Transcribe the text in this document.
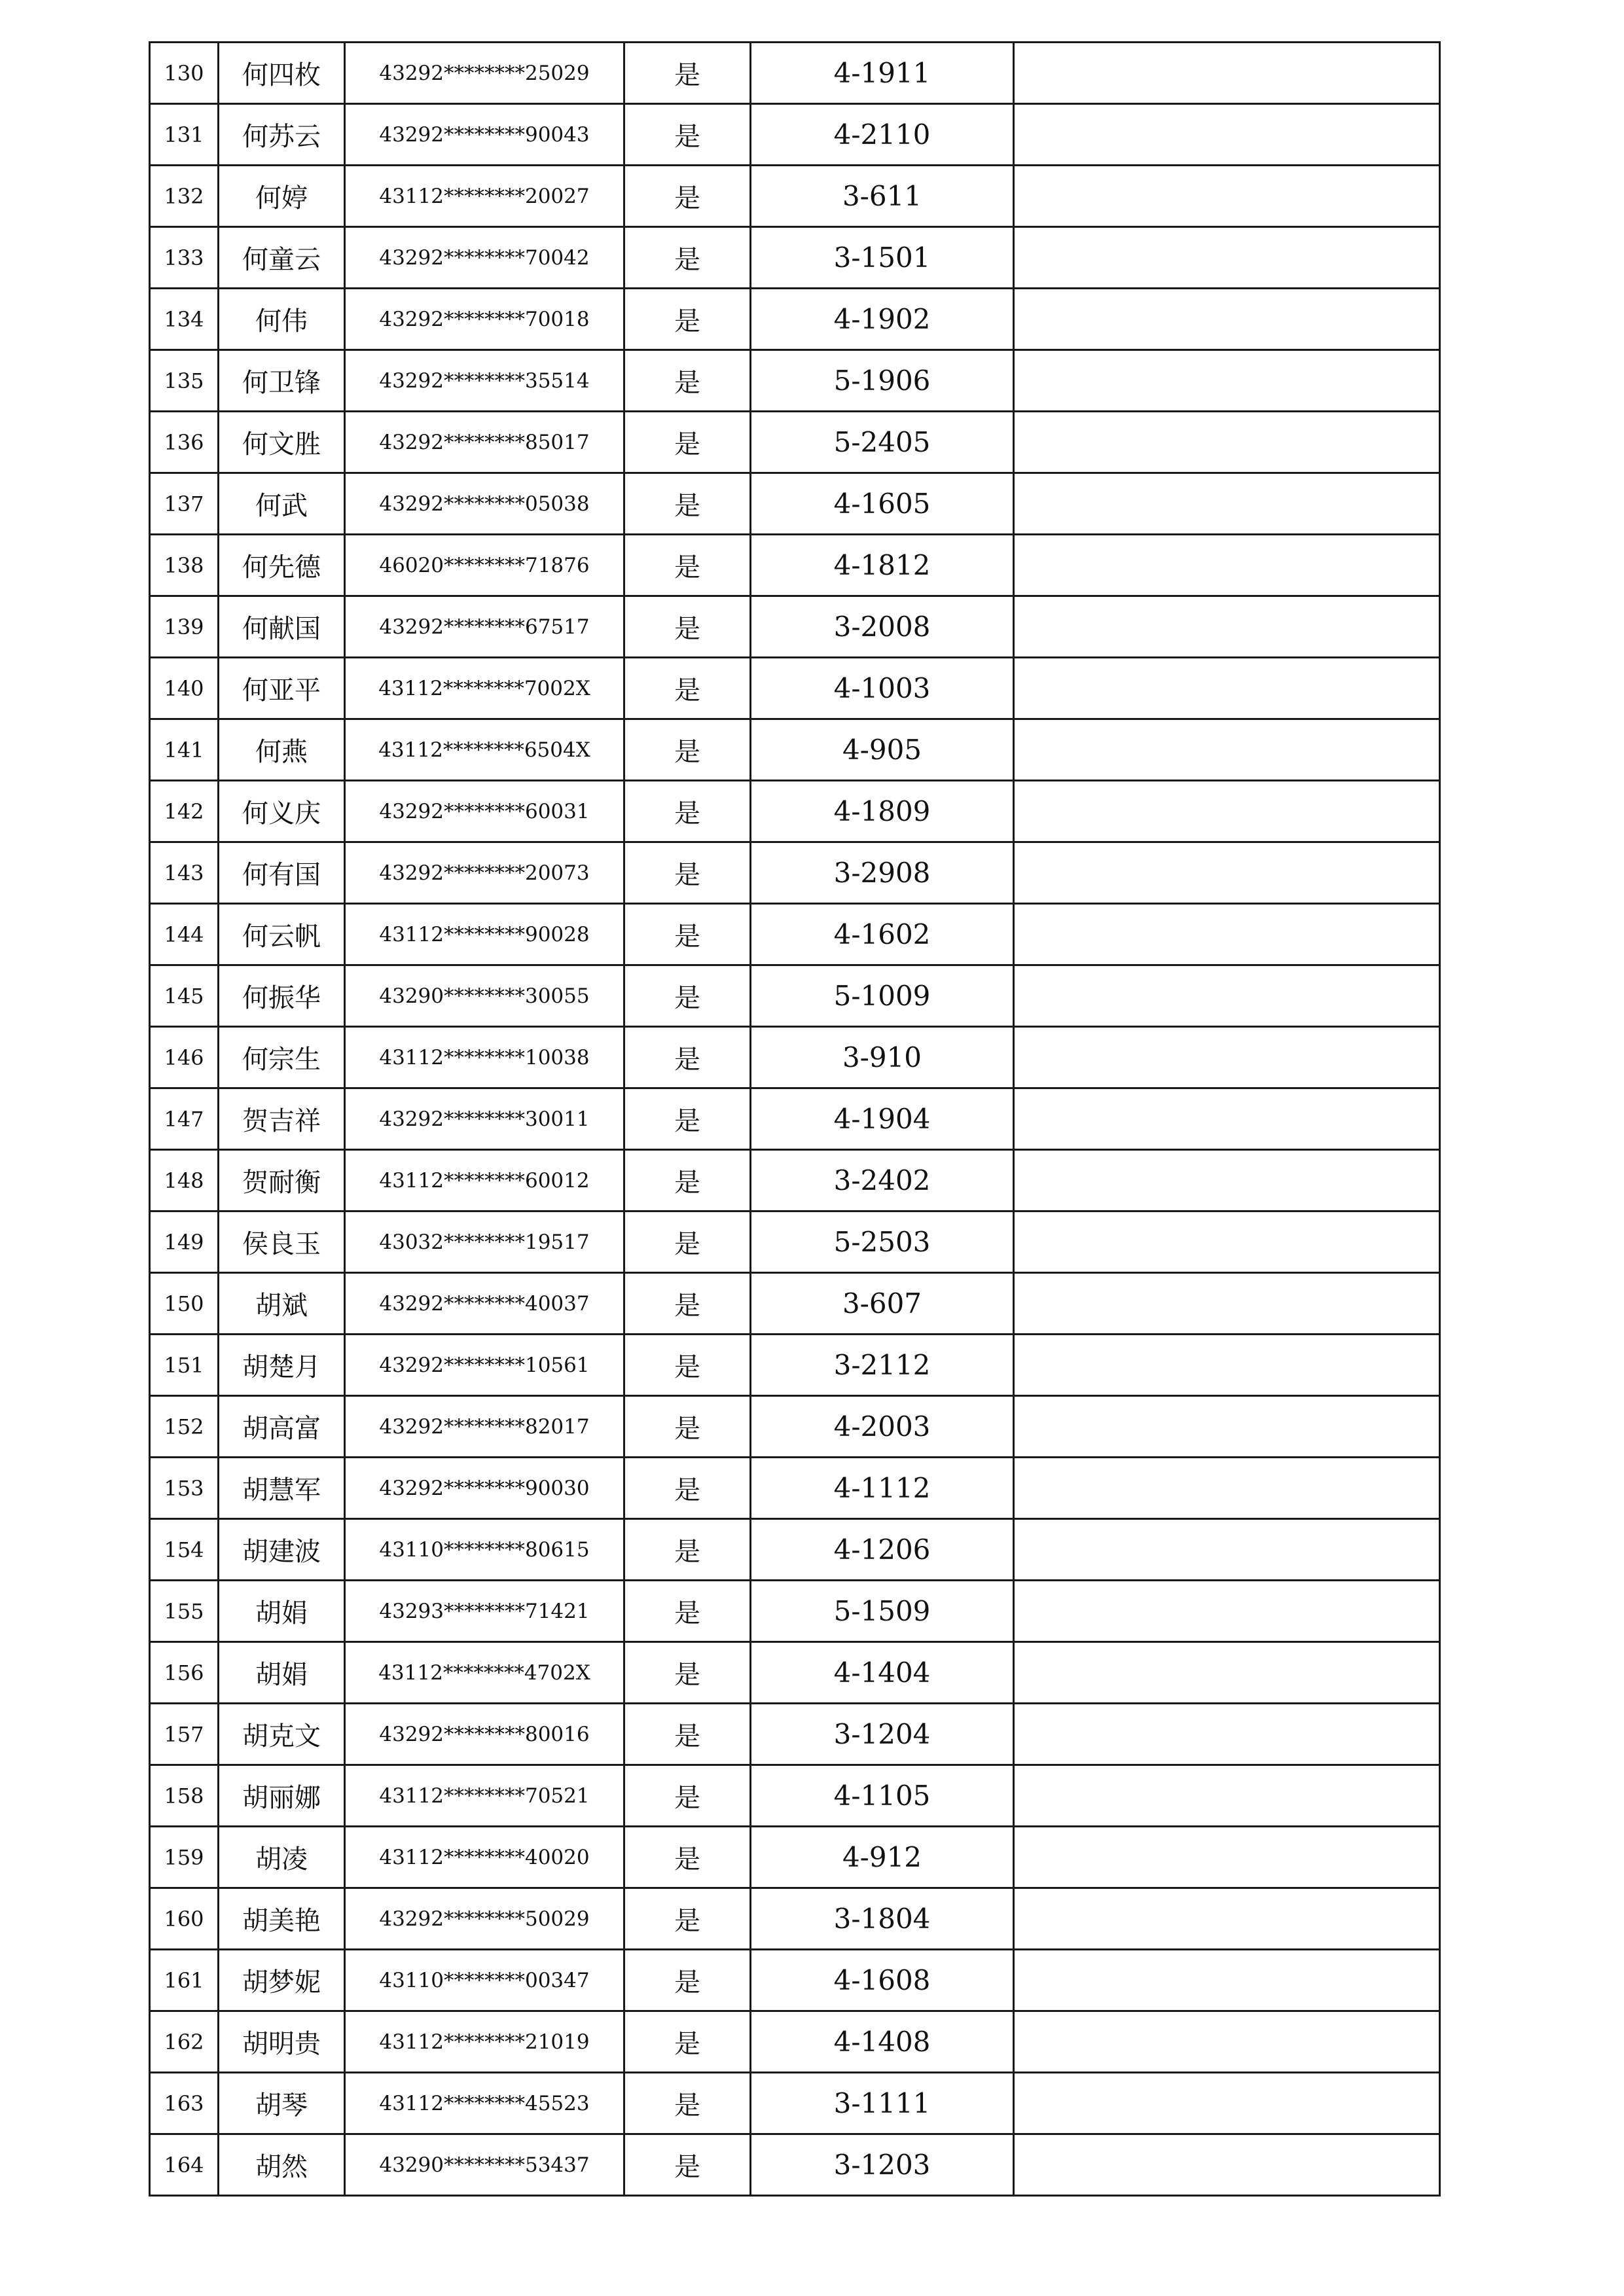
130	何四枚	43292********25029	是	4-1911	
131	何苏云	43292********90043	是	4-2110	
132	何婷	43112********20027	是	3-611	
133	何童云	43292********70042	是	3-1501	
134	何伟	43292********70018	是	4-1902	
135	何卫锋	43292********35514	是	5-1906	
136	何文胜	43292********85017	是	5-2405	
137	何武	43292********05038	是	4-1605	
138	何先德	46020********71876	是	4-1812	
139	何献国	43292********67517	是	3-2008	
140	何亚平	43112********7002X	是	4-1003	
141	何燕	43112********6504X	是	4-905	
142	何义庆	43292********60031	是	4-1809	
143	何有国	43292********20073	是	3-2908	
144	何云帆	43112********90028	是	4-1602	
145	何振华	43290********30055	是	5-1009	
146	何宗生	43112********10038	是	3-910	
147	贺吉祥	43292********30011	是	4-1904	
148	贺耐衡	43112********60012	是	3-2402	
149	侯良玉	43032********19517	是	5-2503	
150	胡斌	43292********40037	是	3-607	
151	胡楚月	43292********10561	是	3-2112	
152	胡高富	43292********82017	是	4-2003	
153	胡慧军	43292********90030	是	4-1112	
154	胡建波	43110********80615	是	4-1206	
155	胡娟	43293********71421	是	5-1509	
156	胡娟	43112********4702X	是	4-1404	
157	胡克文	43292********80016	是	3-1204	
158	胡丽娜	43112********70521	是	4-1105	
159	胡凌	43112********40020	是	4-912	
160	胡美艳	43292********50029	是	3-1804	
161	胡梦妮	43110********00347	是	4-1608	
162	胡明贵	43112********21019	是	4-1408	
163	胡琴	43112********45523	是	3-1111	
164	胡然	43290********53437	是	3-1203	
